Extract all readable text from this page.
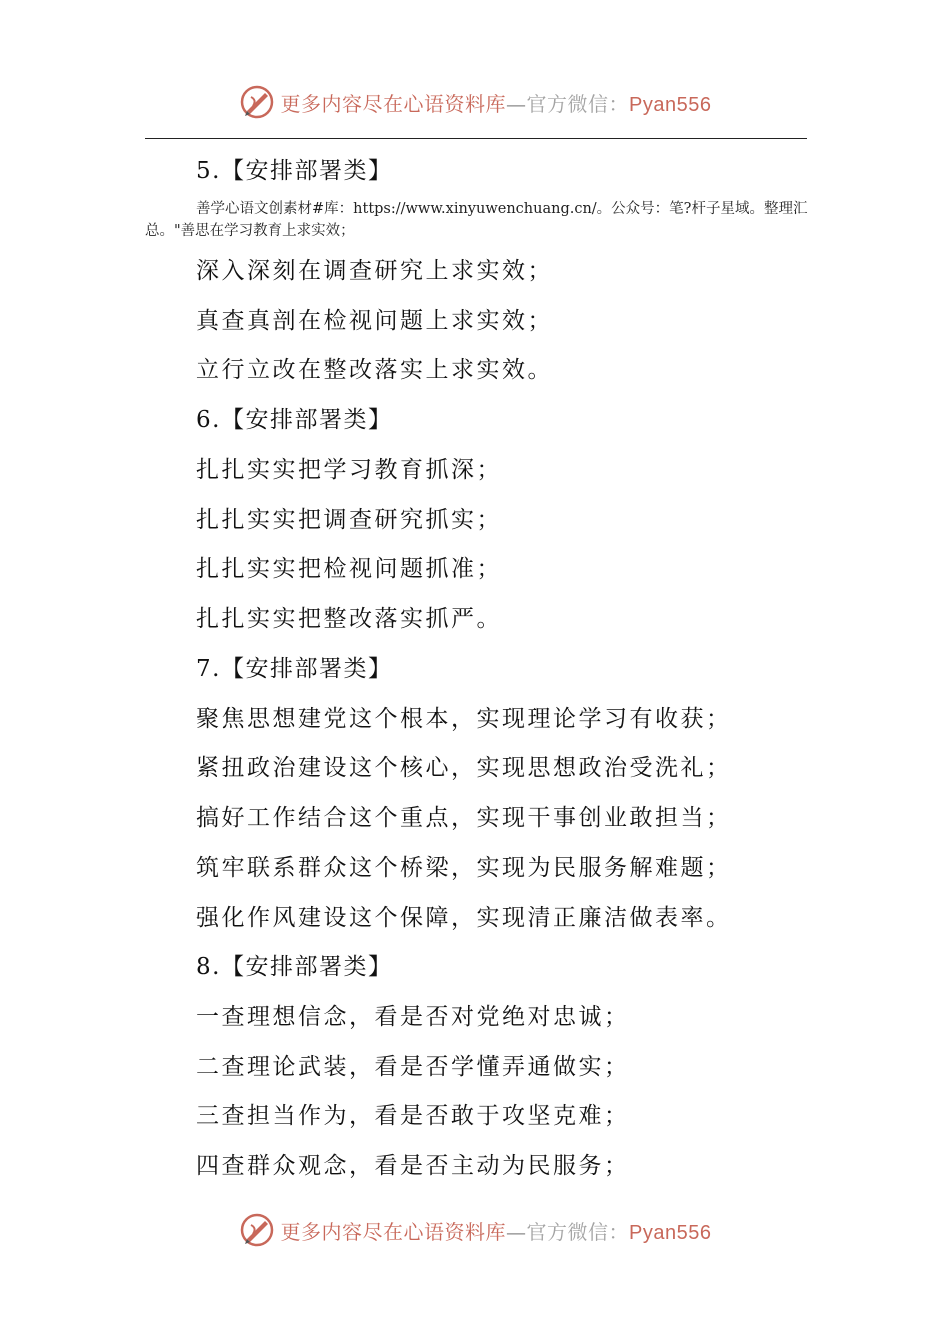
更多内容尽在心语资料库—官方微信：Pyan556
5.【安排部署类】
善学心语文创素材#库：https://www.xinyuwenchuang.cn/。公众号：笔?杆子星域。整理汇总。"善思在学习教育上求实效；
深入深刻在调查研究上求实效；
真查真剖在检视问题上求实效；
立行立改在整改落实上求实效。
6.【安排部署类】
扎扎实实把学习教育抓深；
扎扎实实把调查研究抓实；
扎扎实实把检视问题抓准；
扎扎实实把整改落实抓严。
7.【安排部署类】
聚焦思想建党这个根本，实现理论学习有收获；
紧扭政治建设这个核心，实现思想政治受洗礼；
搞好工作结合这个重点，实现干事创业敢担当；
筑牢联系群众这个桥梁，实现为民服务解难题；
强化作风建设这个保障，实现清正廉洁做表率。
8.【安排部署类】
一查理想信念，看是否对党绝对忠诚；
二查理论武装，看是否学懂弄通做实；
三查担当作为，看是否敢于攻坚克难；
四查群众观念，看是否主动为民服务；
更多内容尽在心语资料库—官方微信：Pyan556
